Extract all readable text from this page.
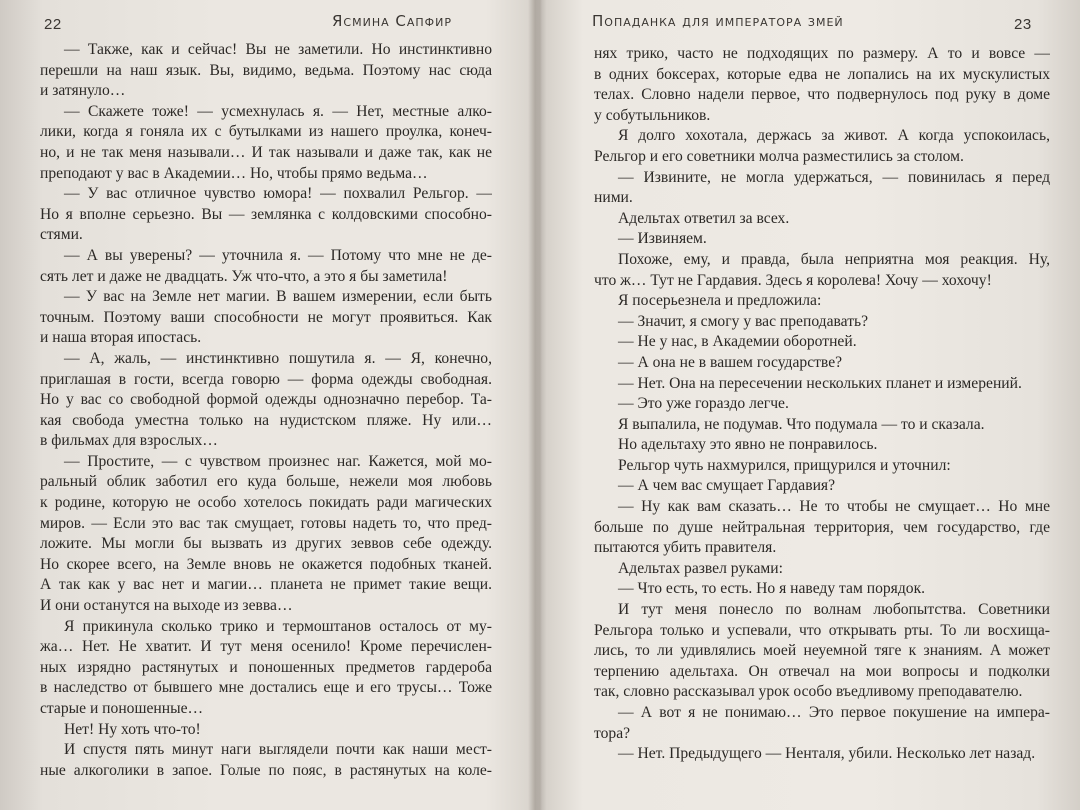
22	Ясмина Сапфир

— Также, как и сейчас! Вы не заметили. Но инстинктивно

перешли на наш язык. Вы, видимо, ведьма. Поэтому нас сюда

и затянуло…

— Скажете тоже! — усмехнулась я. — Нет, местные алко-

лики, когда я гоняла их с бутылками из нашего проулка, конеч-

но, и не так меня называли… И так называли и даже так, как не

преподают у вас в Академии… Но, чтобы прямо ведьма…

— У вас отличное чувство юмора! — похвалил Рельгор. —

Но я вполне серьезно. Вы — землянка с колдовскими способно-

стями.

— А вы уверены? — уточнила я. — Потому что мне не де-

сять лет и даже не двадцать. Уж что-что, а это я бы заметила!

— У вас на Земле нет магии. В вашем измерении, если быть

точным. Поэтому ваши способности не могут проявиться. Как

и наша вторая ипостась.

— А, жаль, — инстинктивно пошутила я. — Я, конечно,

приглашая в гости, всегда говорю — форма одежды свободная.

Но у вас со свободной формой одежды однозначно перебор. Та-

кая свобода уместна только на нудистском пляже. Ну или…

в фильмах для взрослых…

— Простите, — с чувством произнес наг. Кажется, мой мо-

ральный облик заботил его куда больше, нежели моя любовь

к родине, которую не особо хотелось покидать ради магических

миров. — Если это вас так смущает, готовы надеть то, что пред-

ложите. Мы могли бы вызвать из других зеввов себе одежду.

Но скорее всего, на Земле вновь не окажется подобных тканей.

А так как у вас нет и магии… планета не примет такие вещи.

И они останутся на выходе из зевва…

Я прикинула сколько трико и термоштанов осталось от му-

жа… Нет. Не хватит. И тут меня осенило! Кроме перечислен-

ных изрядно растянутых и поношенных предметов гардероба

в наследство от бывшего мне достались еще и его трусы… Тоже

старые и поношенные…

Нет! Ну хоть что-то!

И спустя пять минут наги выглядели почти как наши мест-

ные алкоголики в запое. Голые по пояс, в растянутых на коле-

Попаданка для императора змей	23

нях трико, часто не подходящих по размеру. А то и вовсе —

в одних боксерах, которые едва не лопались на их мускулистых

телах. Словно надели первое, что подвернулось под руку в доме

у собутыльников.

Я долго хохотала, держась за живот. А когда успокоилась,

Рельгор и его советники молча разместились за столом.

— Извините, не могла удержаться, — повинилась я перед

ними.

Адельтах ответил за всех.

— Извиняем.

Похоже, ему, и правда, была неприятна моя реакция. Ну,

что ж… Тут не Гардавия. Здесь я королева! Хочу — хохочу!

Я посерьезнела и предложила:

— Значит, я смогу у вас преподавать?

— Не у нас, в Академии оборотней.

— А она не в вашем государстве?

— Нет. Она на пересечении нескольких планет и измерений.

— Это уже гораздо легче.

Я выпалила, не подумав. Что подумала — то и сказала.

Но адельтаху это явно не понравилось.

Рельгор чуть нахмурился, прищурился и уточнил:

— А чем вас смущает Гардавия?

— Ну как вам сказать… Не то чтобы не смущает… Но мне

больше по душе нейтральная территория, чем государство, где

пытаются убить правителя.

Адельтах развел руками:

— Что есть, то есть. Но я наведу там порядок.

И тут меня понесло по волнам любопытства. Советники

Рельгора только и успевали, что открывать рты. То ли восхища-

лись, то ли удивлялись моей неуемной тяге к знаниям. А может

терпению адельтаха. Он отвечал на мои вопросы и подколки

так, словно рассказывал урок особо въедливому преподавателю.

— А вот я не понимаю… Это первое покушение на импера-

тора?

— Нет. Предыдущего — Ненталя, убили. Несколько лет назад.
